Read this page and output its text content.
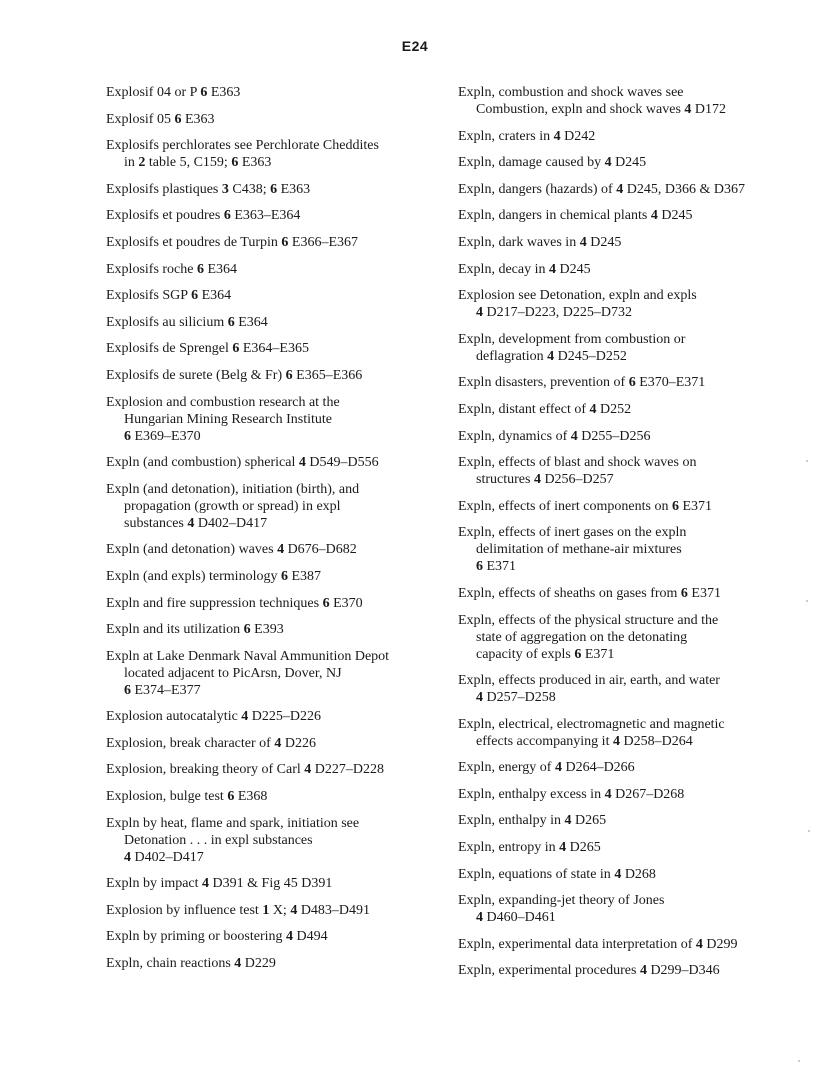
E24
Explosif 04 or P 6 E363
Explosif 05 6 E363
Explosifs perchlorates see Perchlorate Cheddites
in 2 table 5, C159; 6 E363
Explosifs plastiques 3 C438; 6 E363
Explosifs et poudres 6 E363–E364
Explosifs et poudres de Turpin 6 E366–E367
Explosifs roche 6 E364
Explosifs SGP 6 E364
Explosifs au silicium 6 E364
Explosifs de Sprengel 6 E364–E365
Explosifs de surete (Belg & Fr) 6 E365–E366
Explosion and combustion research at the
Hungarian Mining Research Institute
6 E369–E370
Expln (and combustion) spherical 4 D549–D556
Expln (and detonation), initiation (birth), and
propagation (growth or spread) in expl
substances 4 D402–D417
Expln (and detonation) waves 4 D676–D682
Expln (and expls) terminology 6 E387
Expln and fire suppression techniques 6 E370
Expln and its utilization 6 E393
Expln at Lake Denmark Naval Ammunition Depot
located adjacent to PicArsn, Dover, NJ
6 E374–E377
Explosion autocatalytic 4 D225–D226
Explosion, break character of 4 D226
Explosion, breaking theory of Carl 4 D227–D228
Explosion, bulge test 6 E368
Expln by heat, flame and spark, initiation see
Detonation . . . in expl substances
4 D402–D417
Expln by impact 4 D391 & Fig 45 D391
Explosion by influence test 1 X; 4 D483–D491
Expln by priming or boostering 4 D494
Expln, chain reactions 4 D229
Expln, combustion and shock waves see
Combustion, expln and shock waves 4 D172
Expln, craters in 4 D242
Expln, damage caused by 4 D245
Expln, dangers (hazards) of 4 D245, D366 & D367
Expln, dangers in chemical plants 4 D245
Expln, dark waves in 4 D245
Expln, decay in 4 D245
Explosion see Detonation, expln and expls
4 D217–D223, D225–D732
Expln, development from combustion or
deflagration 4 D245–D252
Expln disasters, prevention of 6 E370–E371
Expln, distant effect of 4 D252
Expln, dynamics of 4 D255–D256
Expln, effects of blast and shock waves on
structures 4 D256–D257
Expln, effects of inert components on 6 E371
Expln, effects of inert gases on the expln
delimitation of methane-air mixtures
6 E371
Expln, effects of sheaths on gases from 6 E371
Expln, effects of the physical structure and the
state of aggregation on the detonating
capacity of expls 6 E371
Expln, effects produced in air, earth, and water
4 D257–D258
Expln, electrical, electromagnetic and magnetic
effects accompanying it 4 D258–D264
Expln, energy of 4 D264–D266
Expln, enthalpy excess in 4 D267–D268
Expln, enthalpy in 4 D265
Expln, entropy in 4 D265
Expln, equations of state in 4 D268
Expln, expanding-jet theory of Jones
4 D460–D461
Expln, experimental data interpretation of 4 D299
Expln, experimental procedures 4 D299–D346
